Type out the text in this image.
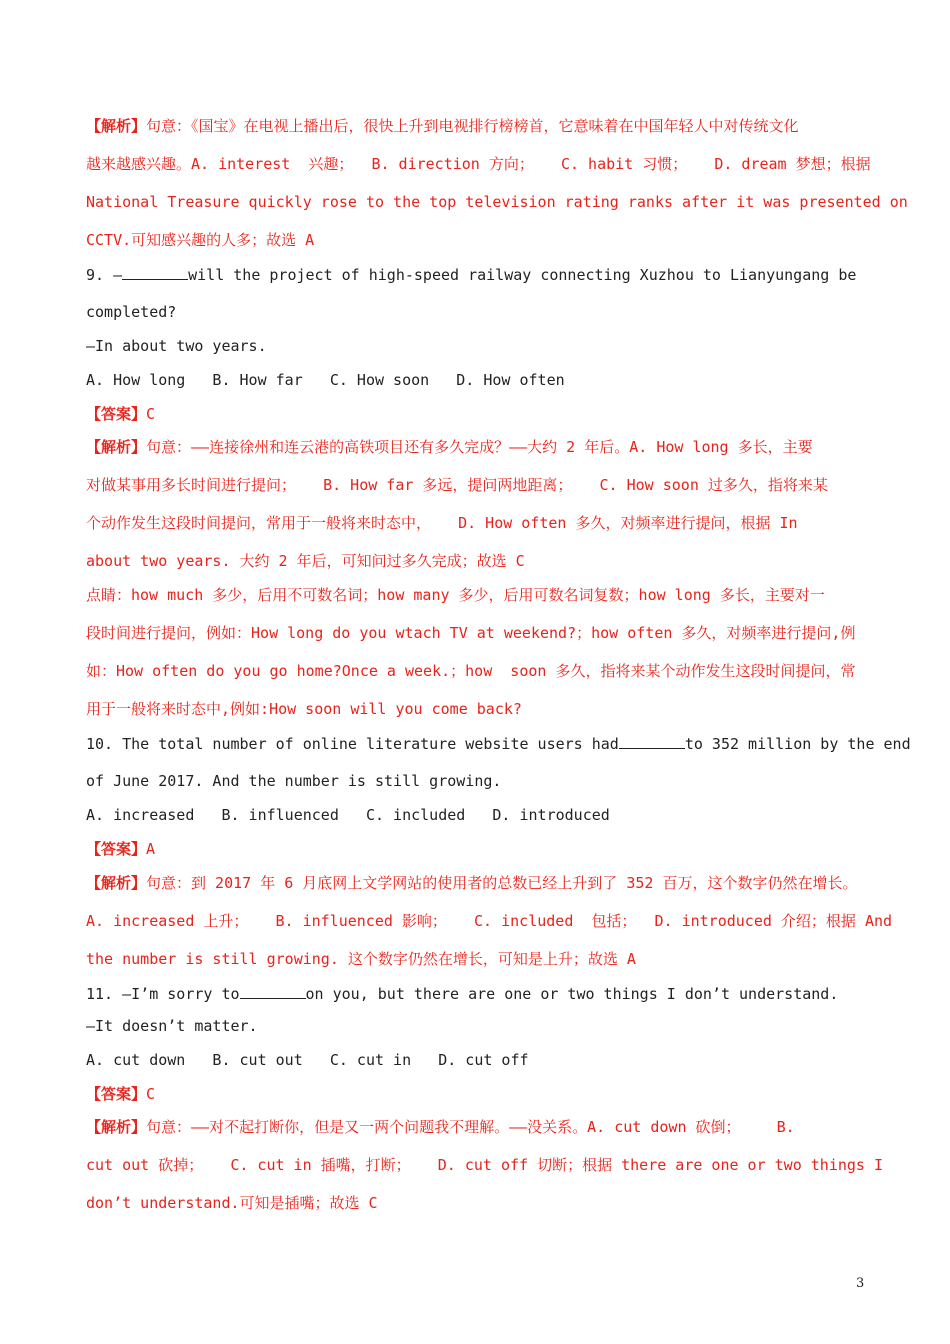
【解析】句意：《国宝》在电视上播出后，很快上升到电视排行榜榜首，它意味着在中国年轻人中对传统文化
越来越感兴趣。A. interest  兴趣；  B. direction 方向；   C. habit 习惯；   D. dream 梦想；根据
National Treasure quickly rose to the top television rating ranks after it was presented on
CCTV.可知感兴趣的人多；故选 A
9. —	will the project of high-speed railway connecting Xuzhou to Lianyungang be
completed?
—In about two years.
A. How long   B. How far   C. How soon   D. How often
【答案】C
【解析】句意：——连接徐州和连云港的高铁项目还有多久完成？——大约 2 年后。A. How long 多长，主要
对做某事用多长时间进行提问；   B. How far 多远，提问两地距离；   C. How soon 过多久，指将来某
个动作发生这段时间提问，常用于一般将来时态中，   D. How often 多久，对频率进行提问，根据 In
about two years. 大约 2 年后，可知问过多久完成；故选 C
点睛：how much 多少，后用不可数名词；how many 多少，后用可数名词复数；how long 多长，主要对一
段时间进行提问，例如：How long do you wtach TV at weekend?；how often 多久，对频率进行提问,例
如：How often do you go home?Once a week.；how  soon 多久，指将来某个动作发生这段时间提问，常
用于一般将来时态中,例如:How soon will you come back?
10. The total number of online literature website users had	to 352 million by the end
of June 2017. And the number is still growing.
A. increased   B. influenced   C. included   D. introduced
【答案】A
【解析】句意：到 2017 年 6 月底网上文学网站的使用者的总数已经上升到了 352 百万，这个数字仍然在增长。
A. increased 上升；   B. influenced 影响；   C. included  包括；  D. introduced 介绍；根据 And
the number is still growing. 这个数字仍然在增长，可知是上升；故选 A
11. —I’m sorry to	on you, but there are one or two things I don’t understand.
—It doesn’t matter.
A. cut down   B. cut out   C. cut in   D. cut off
【答案】C
【解析】句意：——对不起打断你，但是又一两个问题我不理解。——没关系。A. cut down 砍倒；    B.
cut out 砍掉；   C. cut in 插嘴，打断；   D. cut off 切断；根据 there are one or two things I
don’t understand.可知是插嘴；故选 C
3
